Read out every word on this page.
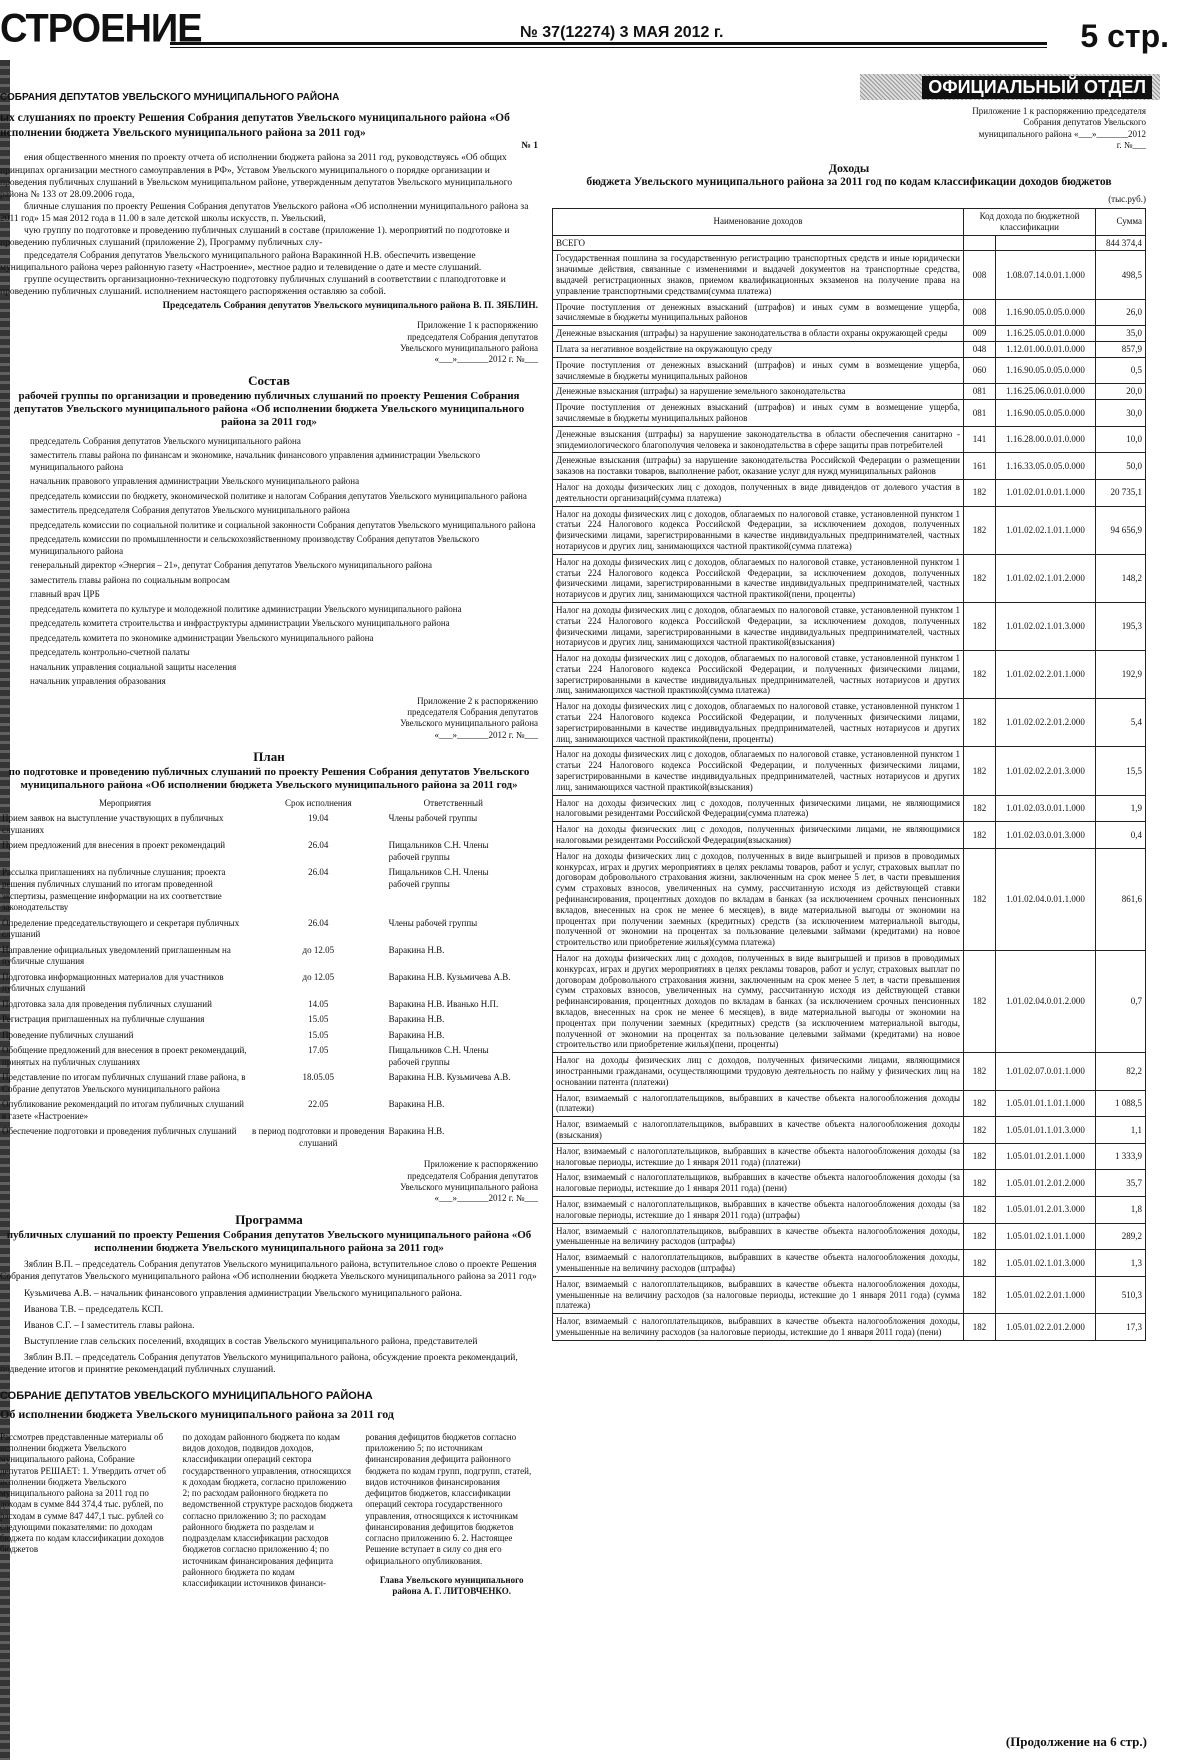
СТРОЕНИЕ	№ 37(12274) 3 МАЯ 2012 г.	5 стр.
ОФИЦИАЛЬНЫЙ ОТДЕЛ
СОБРАНИЯ ДЕПУТАТОВ УВЕЛЬСКОГО МУНИЦИПАЛЬНОГО РАЙОНА
ых слушаниях по проекту Решения Собрания депутатов Увельского муниципального района «Об исполнении бюджета Увельского муниципального района за 2011 год»
№ 1

ения общественного мнения по проекту отчета об исполнении бюджета района за 2011 год, руководствуясь «Об общих принципах организации местного самоуправления в РФ», Уставом Увельского муниципального о порядке организации и проведения публичных слушаний в Увельском муниципальном районе, утвержденным депутатов Увельского муниципального района № 133 от 28.09.2006 года,

бличные слушания по проекту Решения Собрания депутатов Увельского района «Об исполнении муниципального района за 2011 год» 15 мая 2012 года в 11.00 в зале детской школы искусств, п. Увельский,

чую группу по подготовке и проведению публичных слушаний в составе (приложение 1). мероприятий по подготовке и проведению публичных слушаний (приложение 2), Программу публичных слу-

председателя Собрания депутатов Увельского муниципального района Варакинной Н.В. обеспечить извещение муниципального района через районную газету «Настроение», местное радио и телевидение о дате и месте слушаний.

группе осуществить организационно-техническую подготовку публичных слушаний в соответствии с плаподготовке и проведению публичных слушаний. исполнением настоящего распоряжения оставляю за собой.

Председатель Собрания депутатов Увельского муниципального района В. П. ЗЯБЛИН.
Приложение 1 к распоряжению председателя Собрания депутатов Увельского муниципального района «___»_______2012 г. №___
Состав
рабочей группы по организации и проведению публичных слушаний по проекту Решения Собрания депутатов Увельского муниципального района «Об исполнении бюджета Увельского муниципального района за 2011 год»
председатель Собрания депутатов Увельского муниципального района
заместитель главы района по финансам и экономике, начальник финансового управления администрации Увельского муниципального района
начальник правового управления администрации Увельского муниципального района
председатель комиссии по бюджету, экономической политике и налогам Собрания депутатов Увельского муниципального района
заместитель председателя Собрания депутатов Увельского муниципального района
председатель комиссии по социальной политике и социальной законности Собрания депутатов Увельского муниципального района
председатель комиссии по промышленности и сельскохозяйственному производству Собрания депутатов Увельского муниципального района
генеральный директор «Энергия – 21», депутат Собрания депутатов Увельского муниципального района
заместитель главы района по социальным вопросам
главный врач ЦРБ
председатель комитета по культуре и молодежной политике администрации Увельского муниципального района
председатель комитета строительства и инфраструктуры администрации Увельского муниципального района
председатель комитета по экономике администрации Увельского муниципального района
председатель контрольно-счетной палаты
начальник управления социальной защиты населения
начальник управления образования
Приложение 2 к распоряжению председателя Собрания депутатов Увельского муниципального района «___»_______2012 г. №___
План
по подготовке и проведению публичных слушаний по проекту Решения Собрания депутатов Увельского муниципального района «Об исполнении бюджета Увельского муниципального района за 2011 год»
Мероприятия	Срок исполнения	Ответственный
Прием заявок на выступление участвующих в публичных слушаниях	19.04	Члены рабочей группы
Прием предложений для внесения в проект рекомендаций	26.04	Пищальников С.Н. Члены рабочей группы
Рассылка приглашениях на публичные слушания; проекта решения публичных слушаний по итогам проведенной экспертизы, размещение информации на их соответствие законодательству	26.04	Пищальников С.Н. Члены рабочей группы
Определение председательствующего и секретаря публичных слушаний	26.04	Члены рабочей группы
Направление официальных уведомлений приглашенным на публичные слушания	до 12.05	Варакина Н.В.
Подготовка информационных материалов для участников публичных слушаний	до 12.05	Варакина Н.В. Кузьмичева А.В.
Подготовка зала для проведения публичных слушаний	14.05	Варакина Н.В. Иванько Н.П.
Регистрация приглашенных на публичные слушания	15.05	Варакина Н.В.
Проведение публичных слушаний	15.05	Варакина Н.В.
Обобщение предложений для внесения в проект рекомендаций, принятых на публичных слушаниях	17.05	Пищальников С.Н. Члены рабочей группы
Представление по итогам публичных слушаний главе района, в Собрание депутатов Увельского муниципального района	18.05.05	Варакина Н.В. Кузьмичева А.В.
Опубликование рекомендаций по итогам публичных слушаний в газете «Настроение»	22.05	Варакина Н.В.
Обеспечение подготовки и проведения публичных слушаний	в период подготовки и проведения слушаний	Варакина Н.В.
Приложение к распоряжению председателя Собрания депутатов Увельского муниципального района «___»_______2012 г. №___
Программа
публичных слушаний по проекту Решения Собрания депутатов Увельского муниципального района «Об исполнении бюджета Увельского муниципального района за 2011 год»

Зяблин В.П. – председатель Собрания депутатов Увельского муниципального района, вступительное слово о проекте Решения Собрания депутатов Увельского муниципального района «Об исполнении бюджета Увельского муниципального района за 2011 год»

Кузьмичева А.В. – начальник финансового управления администрации Увельского муниципального района.

Иванова Т.В. – председатель КСП.

Иванов С.Г. – I заместитель главы района.

Выступление глав сельских поселений, входящих в состав Увельского муниципального района, представителей

Зяблин В.П. – председатель Собрания депутатов Увельского муниципального района, обсуждение проекта рекомендаций, подведение итогов и принятие рекомендаций публичных слушаний.

СОБРАНИЕ ДЕПУТАТОВ УВЕЛЬСКОГО МУНИЦИПАЛЬНОГО РАЙОНА
Об исполнении бюджета Увельского муниципального района за 2011 год
Рассмотрев представленные материалы об исполнении бюджета Увельского муниципального района, Собрание депутатов РЕШАЕТ: 1. Утвердить отчет об исполнении бюджета Увельского муниципального района за 2011 год по доходам в сумме 844 374,4 тыс. рублей, по расходам в сумме 847 447,1 тыс. рублей со следующими показателями: по доходам бюджета по кодам классификации доходов бюджетов
по доходам районного бюджета по кодам видов доходов, подвидов доходов, классификации операций сектора государственного управления, относящихся к доходам бюджета, согласно приложению 2; по расходам районного бюджета по ведомственной структуре расходов бюджета согласно приложению 3; по расходам районного бюджета по разделам и подразделам классификации расходов бюджетов согласно приложению 4; по источникам финансирования дефицита районного бюджета по кодам классификации источников финанси-
рования дефицитов бюджетов согласно приложению 5; по источникам финансирования дефицита районного бюджета по кодам групп, подгрупп, статей, видов источников финансирования дефицитов бюджетов, классификации операций сектора государственного управления, относящихся к источникам финансирования дефицитов бюджетов согласно приложению 6. 2. Настоящее Решение вступает в силу со дня его официального опубликования.
Глава Увельского муниципального района А. Г. ЛИТОВЧЕНКО.
Приложение 1 к распоряжению председателя Собрания депутатов Увельского муниципального района «___»_______2012 г. №___
Доходы
бюджета Увельского муниципального района за 2011 год по кодам классификации доходов бюджетов
(тыс.руб.)
Наименование доходов	Код дохода по бюджетной классификации		Сумма
ВСЕГО			844 374,4
Государственная пошлина за государственную регистрацию транспортных средств и иные юридически значимые действия, связанные с изменениями и выдачей документов на транспортные средства, выдачей регистрационных знаков, приемом квалификационных экзаменов на получение права на управление транспортными средствами(сумма платежа)	008	1.08.07.14.0.01.1.000	498,5
Прочие поступления от денежных взысканий (штрафов) и иных сумм в возмещение ущерба, зачисляемые в бюджеты муниципальных районов	008	1.16.90.05.0.05.0.000	26,0
Денежные взыскания (штрафы) за нарушение законодательства в области охраны окружающей среды	009	1.16.25.05.0.01.0.000	35,0
Плата за негативное воздействие на окружающую среду	048	1.12.01.00.0.01.0.000	857,9
Прочие поступления от денежных взысканий (штрафов) и иных сумм в возмещение ущерба, зачисляемые в бюджеты муниципальных районов	060	1.16.90.05.0.05.0.000	0,5
Денежные взыскания (штрафы) за нарушение земельного законодательства	081	1.16.25.06.0.01.0.000	20,0
Прочие поступления от денежных взысканий (штрафов) и иных сумм в возмещение ущерба, зачисляемые в бюджеты муниципальных районов	081	1.16.90.05.0.05.0.000	30,0
Денежные взыскания (штрафы) за нарушение законодательства в области обеспечения санитарно - эпидемиологического благополучия человека и законодательства в сфере защиты прав потребителей	141	1.16.28.00.0.01.0.000	10,0
Денежные взыскания (штрафы) за нарушение законодательства Российской Федерации о размещении заказов на поставки товаров, выполнение работ, оказание услуг для нужд муниципальных районов	161	1.16.33.05.0.05.0.000	50,0
Налог на доходы физических лиц с доходов, полученных в виде дивидендов от долевого участия в деятельности организаций(сумма платежа)	182	1.01.02.01.0.01.1.000	20 735,1
Налог на доходы физических лиц с доходов, облагаемых по налоговой ставке, установленной пунктом 1 статьи 224 Налогового кодекса Российской Федерации, за исключением доходов, полученных физическими лицами, зарегистрированными в качестве индивидуальных предпринимателей, частных нотариусов и других лиц, занимающихся частной практикой(сумма платежа)	182	1.01.02.02.1.01.1.000	94 656,9
Налог на доходы физических лиц с доходов, облагаемых по налоговой ставке, установленной пунктом 1 статьи 224 Налогового кодекса Российской Федерации, за исключением доходов, полученных физическими лицами, зарегистрированными в качестве индивидуальных предпринимателей, частных нотариусов и других лиц, занимающихся частной практикой(пени, проценты)	182	1.01.02.02.1.01.2.000	148,2
Налог на доходы физических лиц с доходов, облагаемых по налоговой ставке, установленной пунктом 1 статьи 224 Налогового кодекса Российской Федерации, за исключением доходов, полученных физическими лицами, зарегистрированными в качестве индивидуальных предпринимателей, частных нотариусов и других лиц, занимающихся частной практикой(взыскания)	182	1.01.02.02.1.01.3.000	195,3
Налог на доходы физических лиц с доходов, облагаемых по налоговой ставке, установленной пунктом 1 статьи 224 Налогового кодекса Российской Федерации, и полученных физическими лицами, зарегистрированными в качестве индивидуальных предпринимателей, частных нотариусов и других лиц, занимающихся частной практикой(сумма платежа)	182	1.01.02.02.2.01.1.000	192,9
Налог на доходы физических лиц с доходов, облагаемых по налоговой ставке, установленной пунктом 1 статьи 224 Налогового кодекса Российской Федерации, и полученных физическими лицами, зарегистрированными в качестве индивидуальных предпринимателей, частных нотариусов и других лиц, занимающихся частной практикой(пени, проценты)	182	1.01.02.02.2.01.2.000	5,4
Налог на доходы физических лиц с доходов, облагаемых по налоговой ставке, установленной пунктом 1 статьи 224 Налогового кодекса Российской Федерации, и полученных физическими лицами, зарегистрированными в качестве индивидуальных предпринимателей, частных нотариусов и других лиц, занимающихся частной практикой(взыскания)	182	1.01.02.02.2.01.3.000	15,5
Налог на доходы физических лиц с доходов, полученных физическими лицами, не являющимися налоговыми резидентами Российской Федерации(сумма платежа)	182	1.01.02.03.0.01.1.000	1,9
Налог на доходы физических лиц с доходов, полученных физическими лицами, не являющимися налоговыми резидентами Российской Федерации(взыскания)	182	1.01.02.03.0.01.3.000	0,4
Налог на доходы физических лиц с доходов, полученных в виде выигрышей и призов в проводимых конкурсах, играх и других мероприятиях в целях рекламы товаров, работ и услуг, страховых выплат по договорам добровольного страхования жизни, заключенным на срок менее 5 лет, в части превышения сумм страховых взносов, увеличенных на сумму, рассчитанную исходя из действующей ставки рефинансирования, процентных доходов по вкладам в банках (за исключением срочных пенсионных вкладов, внесенных на срок не менее 6 месяцев), в виде материальной выгоды от экономии на процентах при получении заемных (кредитных) средств (за исключением материальной выгоды, полученной от экономии на процентах за пользование целевыми займами (кредитами) на новое строительство или приобретение жилья)(сумма платежа)	182	1.01.02.04.0.01.1.000	861,6
Налог на доходы физических лиц с доходов, полученных в виде выигрышей и призов в проводимых конкурсах, играх и других мероприятиях в целях рекламы товаров, работ и услуг, страховых выплат по договорам добровольного страхования жизни, заключенным на срок менее 5 лет, в части превышения сумм страховых взносов, увеличенных на сумму, рассчитанную исходя из действующей ставки рефинансирования, процентных доходов по вкладам в банках (за исключением срочных пенсионных вкладов, внесенных на срок не менее 6 месяцев), в виде материальной выгоды от экономии на процентах при получении заемных (кредитных) средств (за исключением материальной выгоды, полученной от экономии на процентах за пользование целевыми займами (кредитами) на новое строительство или приобретение жилья)(пени, проценты)	182	1.01.02.04.0.01.2.000	0,7
Налог на доходы физических лиц с доходов, полученных физическими лицами, являющимися иностранными гражданами, осуществляющими трудовую деятельность по найму у физических лиц на основании патента (платежи)	182	1.01.02.07.0.01.1.000	82,2
Налог, взимаемый с налогоплательщиков, выбравших в качестве объекта налогообложения доходы (платежи)	182	1.05.01.01.1.01.1.000	1 088,5
Налог, взимаемый с налогоплательщиков, выбравших в качестве объекта налогообложения доходы (взыскания)	182	1.05.01.01.1.01.3.000	1,1
Налог, взимаемый с налогоплательщиков, выбравших в качестве объекта налогообложения доходы (за налоговые периоды, истекшие до 1 января 2011 года) (платежи)	182	1.05.01.01.2.01.1.000	1 333,9
Налог, взимаемый с налогоплательщиков, выбравших в качестве объекта налогообложения доходы (за налоговые периоды, истекшие до 1 января 2011 года) (пени)	182	1.05.01.01.2.01.2.000	35,7
Налог, взимаемый с налогоплательщиков, выбравших в качестве объекта налогообложения доходы (за налоговые периоды, истекшие до 1 января 2011 года) (штрафы)	182	1.05.01.01.2.01.3.000	1,8
Налог, взимаемый с налогоплательщиков, выбравших в качестве объекта налогообложения доходы, уменьшенные на величину расходов (штрафы)	182	1.05.01.02.1.01.1.000	289,2
Налог, взимаемый с налогоплательщиков, выбравших в качестве объекта налогообложения доходы, уменьшенные на величину расходов (штрафы)	182	1.05.01.02.1.01.3.000	1,3
Налог, взимаемый с налогоплательщиков, выбравших в качестве объекта налогообложения доходы, уменьшенные на величину расходов (за налоговые периоды, истекшие до 1 января 2011 года) (сумма платежа)	182	1.05.01.02.2.01.1.000	510,3
Налог, взимаемый с налогоплательщиков, выбравших в качестве объекта налогообложения доходы, уменьшенные на величину расходов (за налоговые периоды, истекшие до 1 января 2011 года) (пени)	182	1.05.01.02.2.01.2.000	17,3
(Продолжение на 6 стр.)
